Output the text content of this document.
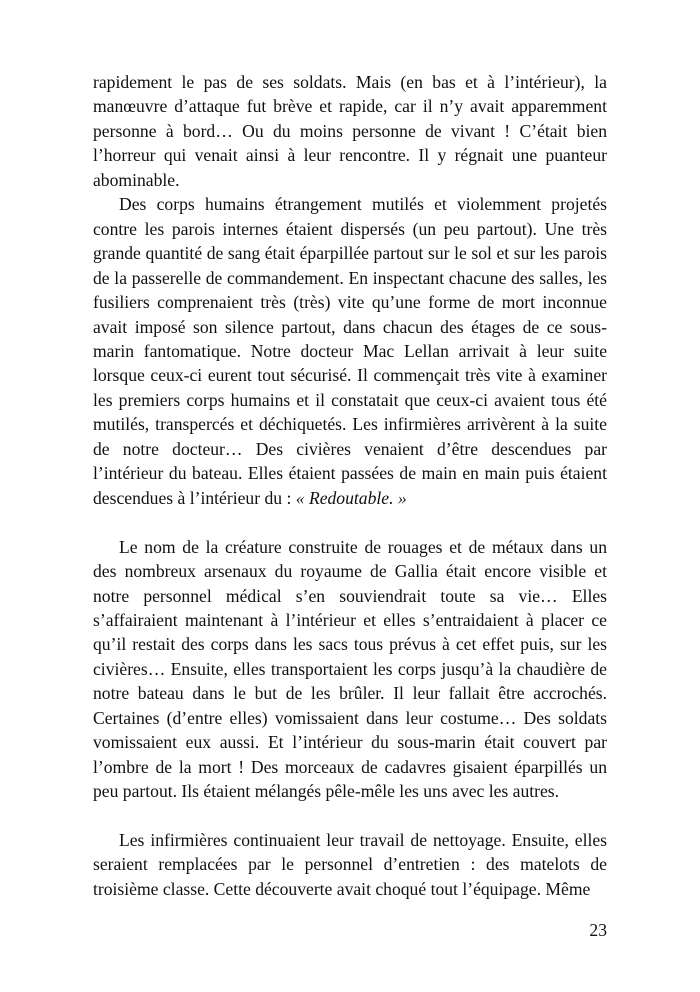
rapidement le pas de ses soldats. Mais (en bas et à l’intérieur), la manœuvre d’attaque fut brève et rapide, car il n’y avait apparemment personne à bord… Ou du moins personne de vivant ! C’était bien l’horreur qui venait ainsi à leur rencontre. Il y régnait une puanteur abominable.

Des corps humains étrangement mutilés et violemment projetés contre les parois internes étaient dispersés (un peu partout). Une très grande quantité de sang était éparpillée partout sur le sol et sur les parois de la passerelle de commandement. En inspectant chacune des salles, les fusiliers comprenaient très (très) vite qu’une forme de mort inconnue avait imposé son silence partout, dans chacun des étages de ce sous-marin fantomatique. Notre docteur Mac Lellan arrivait à leur suite lorsque ceux-ci eurent tout sécurisé. Il commençait très vite à examiner les premiers corps humains et il constatait que ceux-ci avaient tous été mutilés, transpercés et déchiquetés. Les infirmières arrivèrent à la suite de notre docteur… Des civières venaient d’être descendues par l’intérieur du bateau. Elles étaient passées de main en main puis étaient descendues à l’intérieur du : « Redoutable. »

Le nom de la créature construite de rouages et de métaux dans un des nombreux arsenaux du royaume de Gallia était encore visible et notre personnel médical s’en souviendrait toute sa vie… Elles s’affairaient maintenant à l’intérieur et elles s’entraidaient à placer ce qu’il restait des corps dans les sacs tous prévus à cet effet puis, sur les civières… Ensuite, elles transportaient les corps jusqu’à la chaudière de notre bateau dans le but de les brûler. Il leur fallait être accrochés. Certaines (d’entre elles) vomissaient dans leur costume… Des soldats vomissaient eux aussi. Et l’intérieur du sous-marin était couvert par l’ombre de la mort ! Des morceaux de cadavres gisaient éparpillés un peu partout. Ils étaient mélangés pêle-mêle les uns avec les autres.

Les infirmières continuaient leur travail de nettoyage. Ensuite, elles seraient remplacées par le personnel d’entretien : des matelots de troisième classe. Cette découverte avait choqué tout l’équipage. Même

23
